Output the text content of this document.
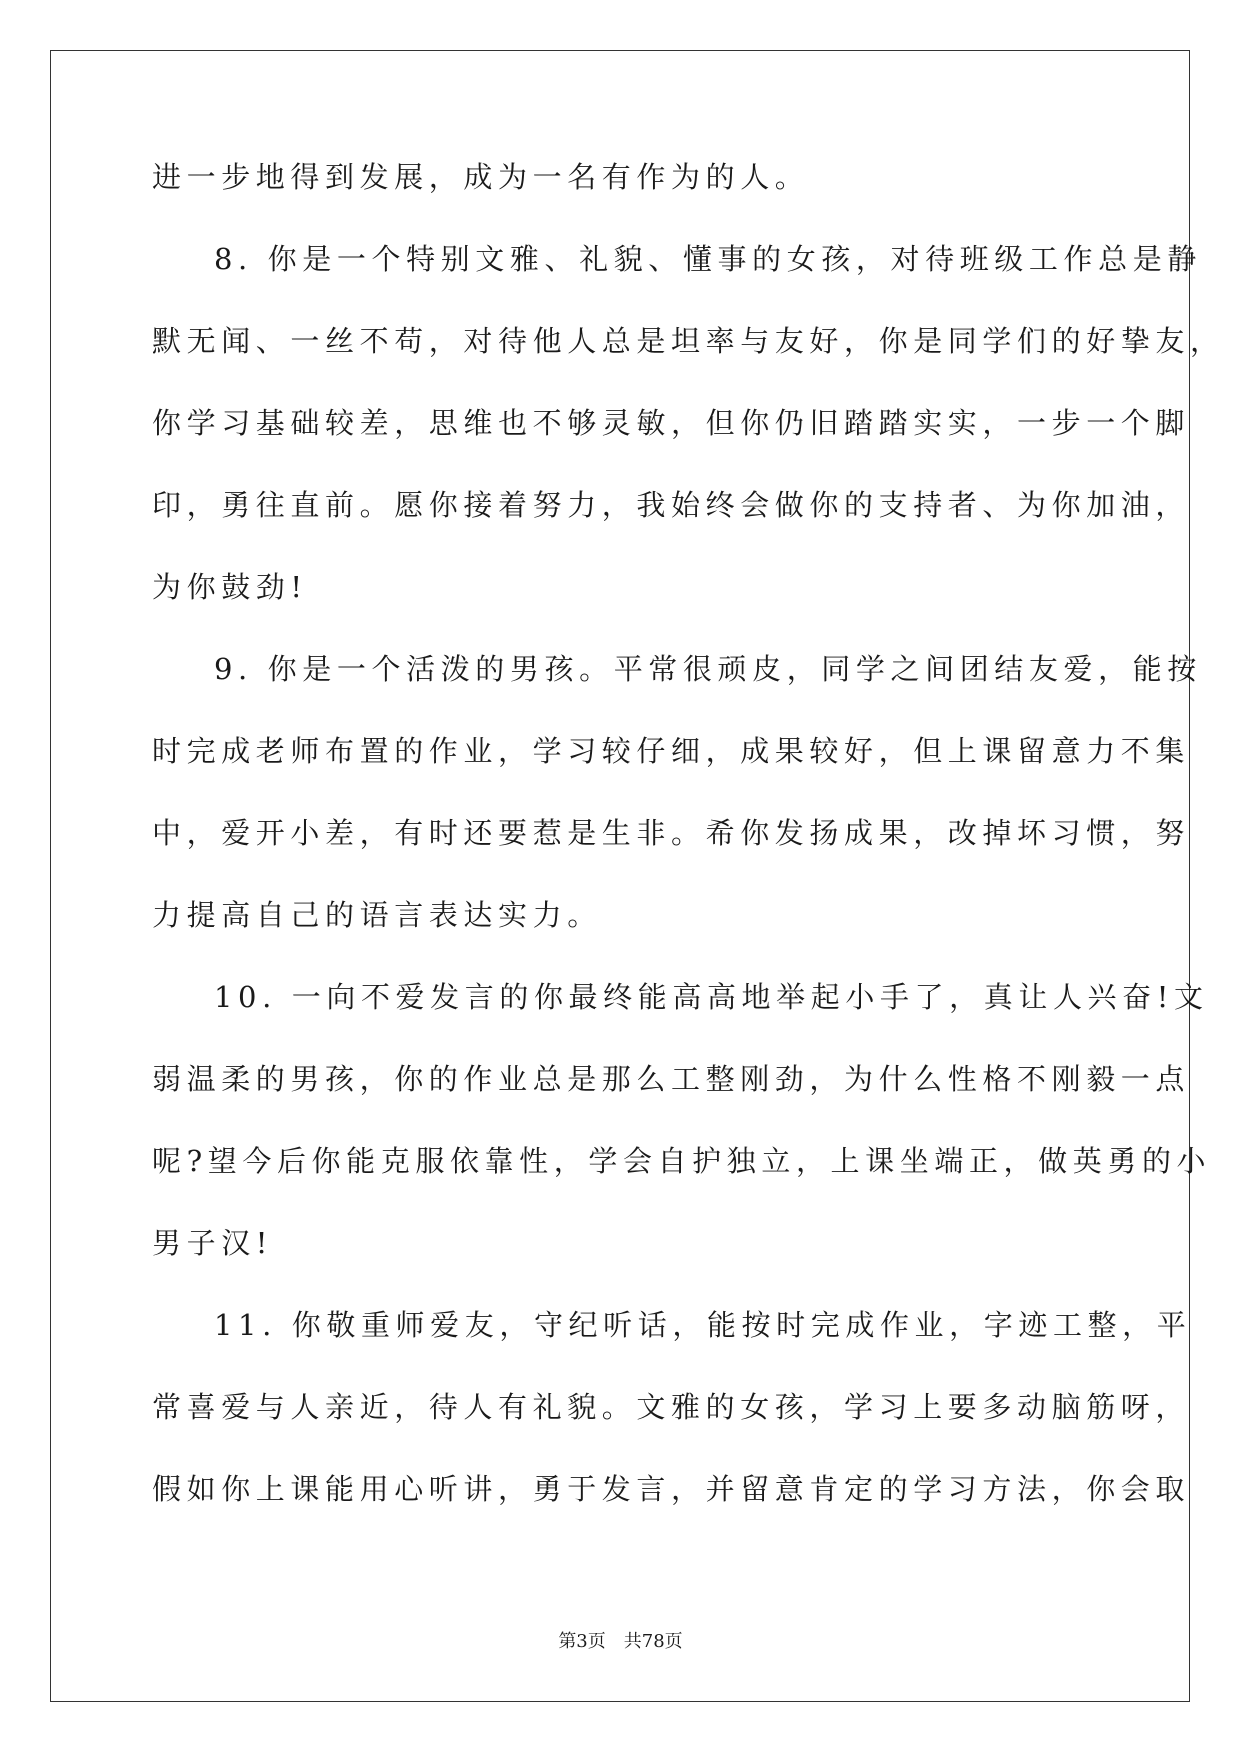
进一步地得到发展，成为一名有作为的人。
8. 你是一个特别文雅、礼貌、懂事的女孩，对待班级工作总是静
默无闻、一丝不苟，对待他人总是坦率与友好，你是同学们的好挚友，
你学习基础较差，思维也不够灵敏，但你仍旧踏踏实实，一步一个脚
印，勇往直前。愿你接着努力，我始终会做你的支持者、为你加油，
为你鼓劲!
9. 你是一个活泼的男孩。平常很顽皮，同学之间团结友爱，能按
时完成老师布置的作业，学习较仔细，成果较好，但上课留意力不集
中，爱开小差，有时还要惹是生非。希你发扬成果，改掉坏习惯，努
力提高自己的语言表达实力。
10. 一向不爱发言的你最终能高高地举起小手了，真让人兴奋!文
弱温柔的男孩，你的作业总是那么工整刚劲，为什么性格不刚毅一点
呢?望今后你能克服依靠性，学会自护独立，上课坐端正，做英勇的小
男子汉!
11. 你敬重师爱友，守纪听话，能按时完成作业，字迹工整，平
常喜爱与人亲近，待人有礼貌。文雅的女孩，学习上要多动脑筋呀，
假如你上课能用心听讲，勇于发言，并留意肯定的学习方法，你会取
第3页 共78页
